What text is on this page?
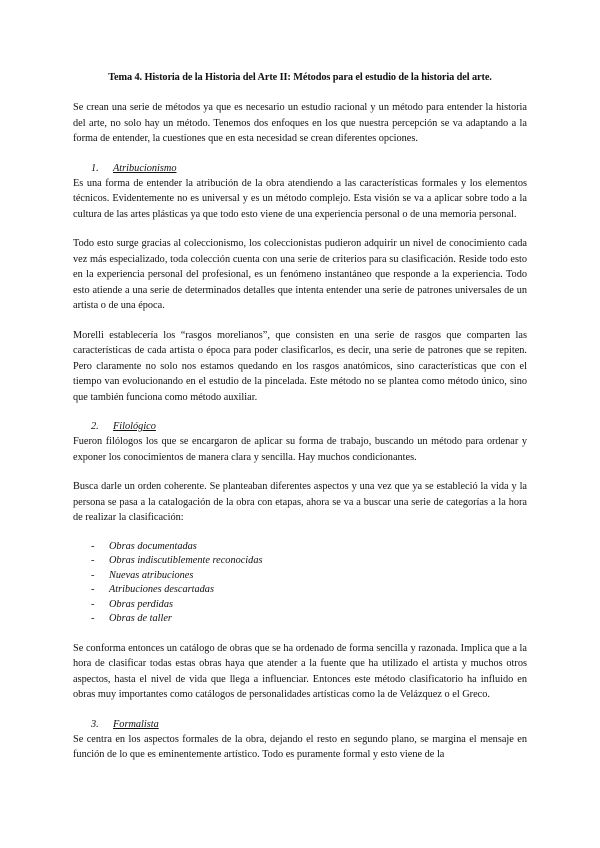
Tema 4. Historia de la Historia del Arte II: Métodos para el estudio de la historia del arte.

Se crean una serie de métodos ya que es necesario un estudio racional y un método para entender la historia del arte, no solo hay un método. Tenemos dos enfoques en los que nuestra percepción se va adaptando a la forma de entender, la cuestiones que en esta necesidad se crean diferentes opciones.

1. Atribucionismo

Es una forma de entender la atribución de la obra atendiendo a las características formales y los elementos técnicos. Evidentemente no es universal y es un método complejo. Esta visión se va a aplicar sobre todo a la cultura de las artes plásticas ya que todo esto viene de una experiencia personal o de una memoria personal.

Todo esto surge gracias al coleccionismo, los coleccionistas pudieron adquirir un nivel de conocimiento cada vez más especializado, toda colección cuenta con una serie de criterios para su clasificación. Reside todo esto en la experiencia personal del profesional, es un fenómeno instantáneo que responde a la experiencia. Todo esto atiende a una serie de determinados detalles que intenta entender una serie de patrones universales de un artista o de una época.

Morelli establecería los “rasgos morelianos”, que consisten en una serie de rasgos que comparten las características de cada artista o época para poder clasificarlos, es decir, una serie de patrones que se repiten. Pero claramente no solo nos estamos quedando en los rasgos anatómicos, sino características que con el tiempo van evolucionando en el estudio de la pincelada. Este método no se plantea como método único, sino que también funciona como método auxiliar.

2. Filológico

Fueron filólogos los que se encargaron de aplicar su forma de trabajo, buscando un método para ordenar y exponer los conocimientos de manera clara y sencilla. Hay muchos condicionantes.

Busca darle un orden coherente. Se planteaban diferentes aspectos y una vez que ya se estableció la vida y la persona se pasa a la catalogación de la obra con etapas, ahora se va a buscar una serie de categorías a la hora de realizar la clasificación:

- Obras documentadas
- Obras indiscutiblemente reconocidas
- Nuevas atribuciones
- Atribuciones descartadas
- Obras perdidas
- Obras de taller

Se conforma entonces un catálogo de obras que se ha ordenado de forma sencilla y razonada. Implica que a la hora de clasificar todas estas obras haya que atender a la fuente que ha utilizado el artista y muchos otros aspectos, hasta el nivel de vida que llega a influenciar. Entonces este método clasificatorio ha influido en obras muy importantes como catálogos de personalidades artísticas como la de Velázquez o el Greco.

3. Formalista

Se centra en los aspectos formales de la obra, dejando el resto en segundo plano, se margina el mensaje en función de lo que es eminentemente artístico. Todo es puramente formal y esto viene de la
